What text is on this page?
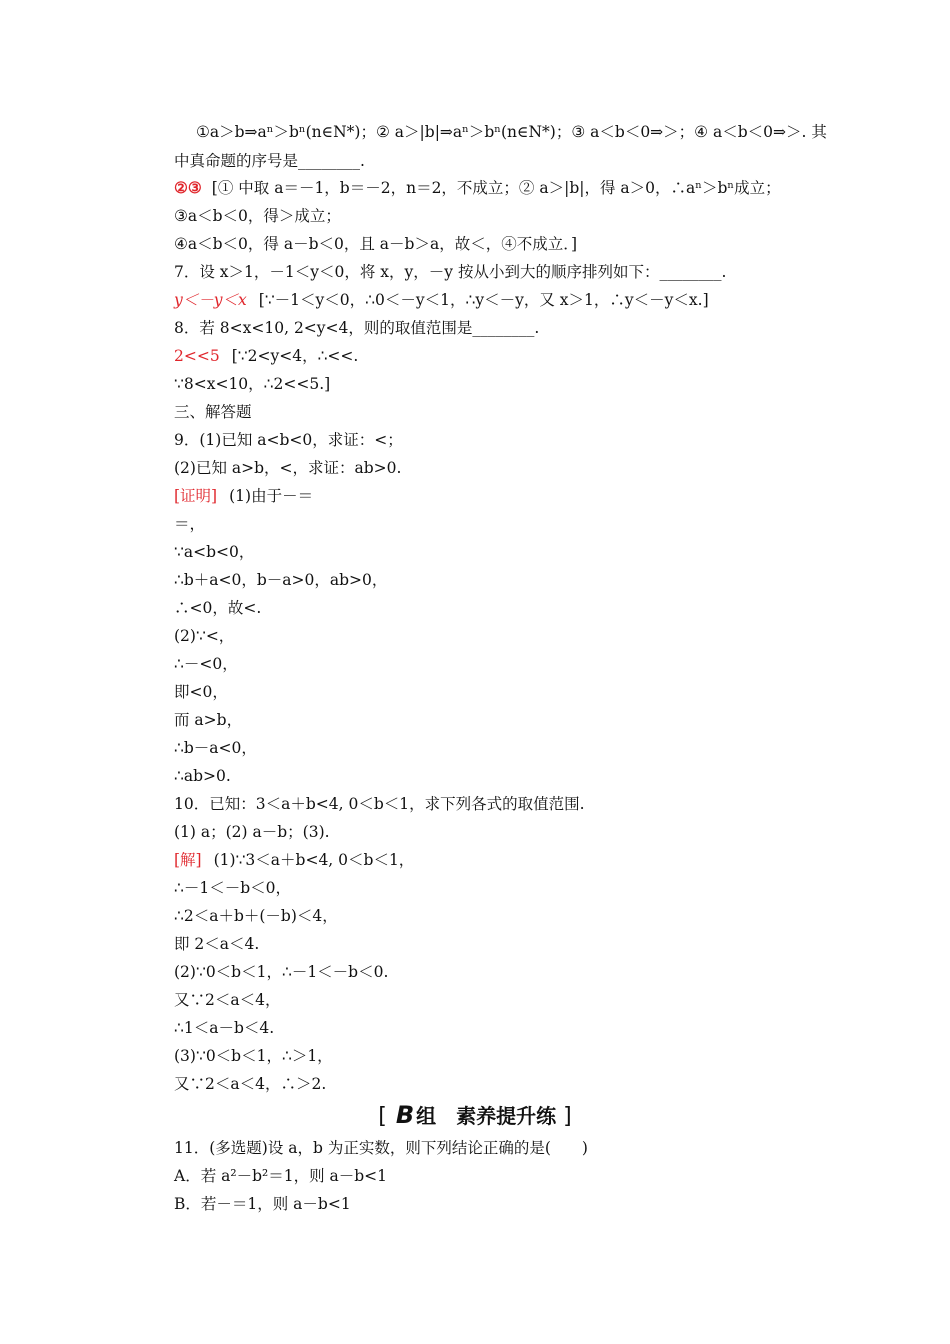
①a＞b⇒aⁿ＞bⁿ(n∈N*)；② a＞|b|⇒aⁿ＞bⁿ(n∈N*)；③ a＜b＜0⇒＞；④ a＜b＜0⇒＞. 其
中真命题的序号是________.
②③ [① 中取 a＝－1，b＝－2，n＝2，不成立；② a＞|b|，得 a＞0，∴aⁿ＞bⁿ成立；
③a＜b＜0，得＞成立；
④a＜b＜0，得 a－b＜0，且 a－b＞a，故＜，④不成立．]
7．设 x＞1，－1＜y＜0，将 x，y，－y 按从小到大的顺序排列如下：________.
y＜－y＜x [∵－1＜y＜0，∴0＜－y＜1，∴y＜－y，又 x＞1，∴y＜－y＜x.]
8．若 8<x<10, 2<y<4，则的取值范围是________.
2<<5 [∵2<y<4，∴<<.
∵8<x<10，∴2<<5.]
三、解答题
9．(1)已知 a<b<0，求证：<；
(2)已知 a>b，<，求证：ab>0.
[证明] (1)由于－＝
＝，
∵a<b<0，
∴b＋a<0，b－a>0，ab>0，
∴<0，故<.
(2)∵<，
∴－<0，
即<0，
而 a>b，
∴b－a<0，
∴ab>0.
10．已知：3＜a＋b<4, 0＜b＜1，求下列各式的取值范围.
(1) a；(2) a－b；(3).
[解] (1)∵3＜a＋b<4, 0＜b＜1，
∴－1＜－b＜0，
∴2＜a＋b＋(－b)＜4，
即 2＜a＜4.
(2)∵0＜b＜1，∴－1＜－b＜0.
又∵2＜a＜4，
∴1＜a－b＜4.
(3)∵0＜b＜1，∴＞1，
又∵2＜a＜4，∴＞2.
[ B 组　素养提升练 ]
11．(多选题)设 a，b 为正实数，则下列结论正确的是(　　)
A．若 a²－b²＝1，则 a－b<1
B．若－＝1，则 a－b<1
